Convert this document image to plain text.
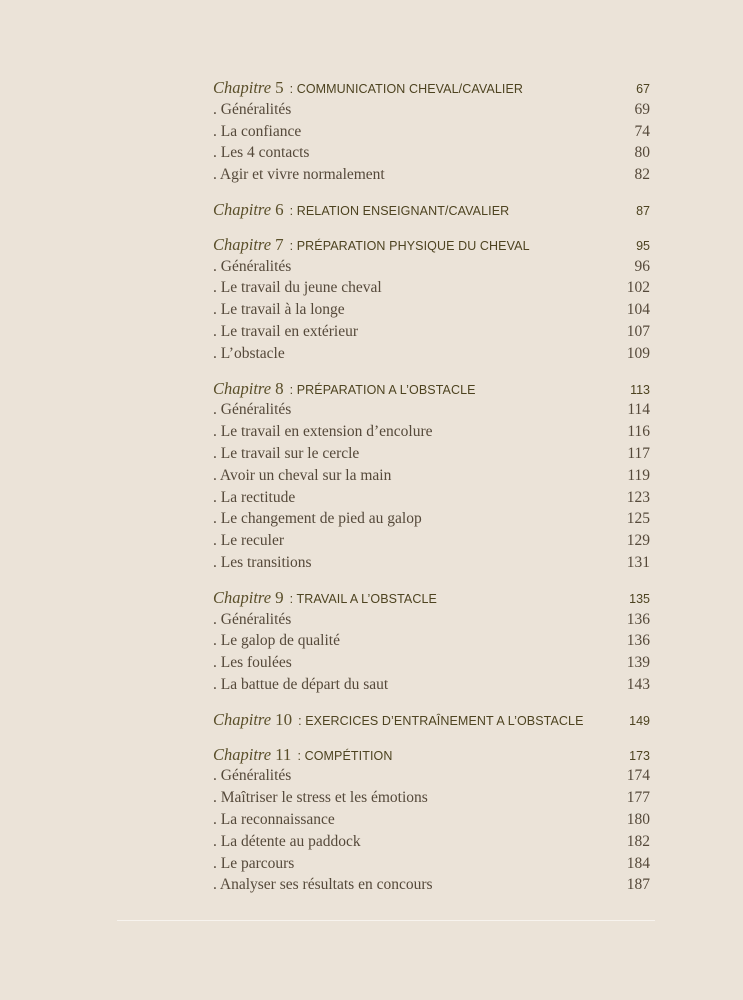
Chapitre 5 : COMMUNICATION CHEVAL/CAVALIER	67
. Généralités	69
. La confiance	74
. Les 4 contacts	80
. Agir et vivre normalement	82
Chapitre 6 : RELATION ENSEIGNANT/CAVALIER	87
Chapitre 7 : PRÉPARATION PHYSIQUE DU CHEVAL	95
. Généralités	96
. Le travail du jeune cheval	102
. Le travail à la longe	104
. Le travail en extérieur	107
. L’obstacle	109
Chapitre 8 : PRÉPARATION A L’OBSTACLE	113
. Généralités	114
. Le travail en extension d’encolure	116
. Le travail sur le cercle	117
. Avoir un cheval sur la main	119
. La rectitude	123
. Le changement de pied au galop	125
. Le reculer	129
. Les transitions	131
Chapitre 9 : TRAVAIL A L’OBSTACLE	135
. Généralités	136
. Le galop de qualité	136
. Les foulées	139
. La battue de départ du saut	143
Chapitre 10 : EXERCICES D’ENTRAÎNEMENT A L’OBSTACLE	149
Chapitre 11 : COMPÉTITION	173
. Généralités	174
. Maîtriser le stress et les émotions	177
. La reconnaissance	180
. La détente au paddock	182
. Le parcours	184
. Analyser ses résultats en concours	187
